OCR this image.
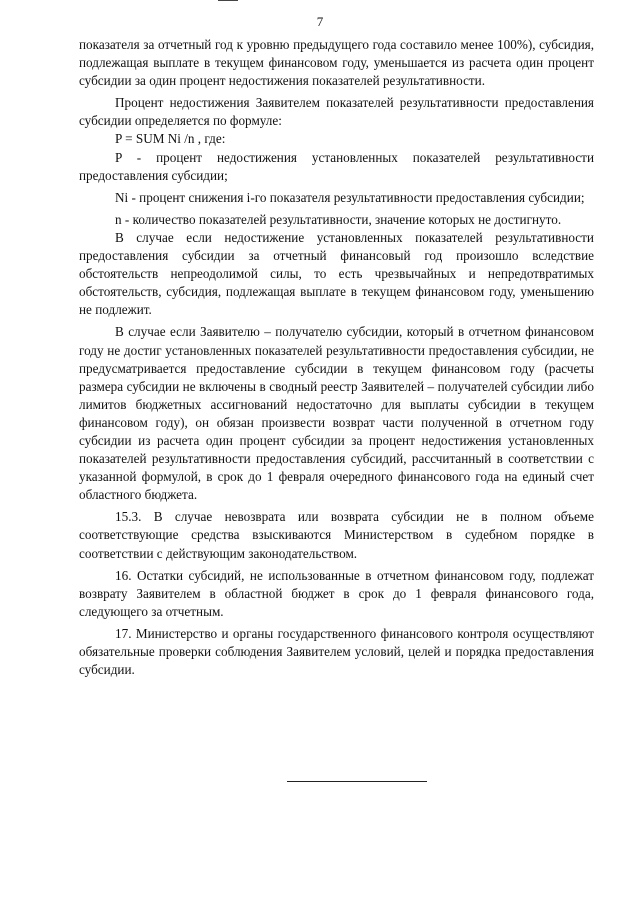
7

показателя за отчетный год к уровню предыдущего года составило менее 100%), субсидия, подлежащая выплате в текущем финансовом году, уменьшается из расчета один процент субсидии за один процент недостижения показателей результативности.

Процент недостижения Заявителем показателей результативности предоставления субсидии определяется по формуле:

P = SUM Ni /n , где:

P - процент недостижения установленных показателей результативности предоставления субсидии;

Ni - процент снижения i-го показателя результативности предоставления субсидии;

n - количество показателей результативности, значение которых не достигнуто.

В случае если недостижение установленных показателей результативности предоставления субсидии за отчетный финансовый год произошло вследствие обстоятельств непреодолимой силы, то есть чрезвычайных и непредотвратимых обстоятельств, субсидия, подлежащая выплате в текущем финансовом году, уменьшению не подлежит.

В случае если Заявителю – получателю субсидии, который в отчетном финансовом году не достиг установленных показателей результативности предоставления субсидии, не предусматривается предоставление субсидии в текущем финансовом году (расчеты размера субсидии не включены в сводный реестр Заявителей – получателей субсидии либо лимитов бюджетных ассигнований недостаточно для выплаты субсидии в текущем финансовом году), он обязан произвести возврат части полученной в отчетном году субсидии из расчета один процент субсидии за процент недостижения установленных показателей результативности предоставления субсидий, рассчитанный в соответствии с указанной формулой, в срок до 1 февраля очередного финансового года на единый счет областного бюджета.

15.3. В случае невозврата или возврата субсидии не в полном объеме соответствующие средства взыскиваются Министерством в судебном порядке в соответствии с действующим законодательством.

16. Остатки субсидий, не использованные в отчетном финансовом году, подлежат возврату Заявителем в областной бюджет в срок до 1 февраля финансового года, следующего за отчетным.

17. Министерство и органы государственного финансового контроля осуществляют обязательные проверки соблюдения Заявителем условий, целей и порядка предоставления субсидии.
